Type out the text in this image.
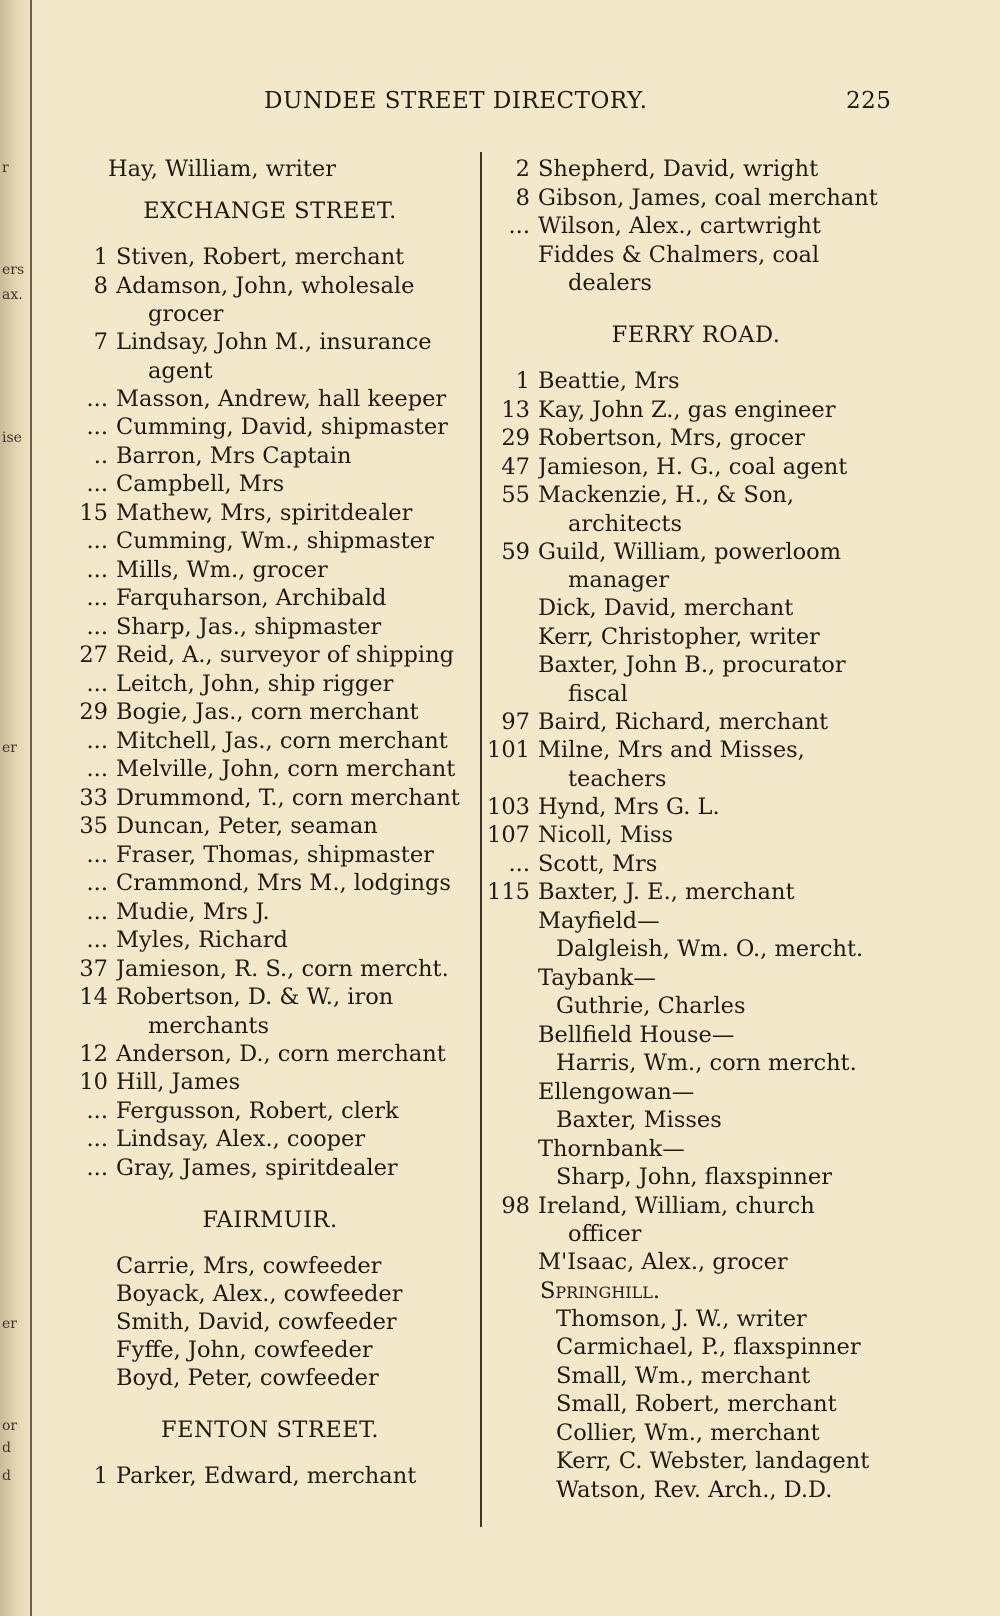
r
ers
ax.
ise
er
er
or
d
d
DUNDEE STREET DIRECTORY.	225
Hay, William, writer
EXCHANGE STREET.
1 Stiven, Robert, merchant
8 Adamson, John, wholesale
grocer
7 Lindsay, John M., insurance
agent
... Masson, Andrew, hall keeper
... Cumming, David, shipmaster
.. Barron, Mrs Captain
... Campbell, Mrs
15 Mathew, Mrs, spiritdealer
... Cumming, Wm., shipmaster
... Mills, Wm., grocer
... Farquharson, Archibald
... Sharp, Jas., shipmaster
27 Reid, A., surveyor of shipping
... Leitch, John, ship rigger
29 Bogie, Jas., corn merchant
... Mitchell, Jas., corn merchant
... Melville, John, corn merchant
33 Drummond, T., corn merchant
35 Duncan, Peter, seaman
... Fraser, Thomas, shipmaster
... Crammond, Mrs M., lodgings
... Mudie, Mrs J.
... Myles, Richard
37 Jamieson, R. S., corn mercht.
14 Robertson, D. & W., iron
merchants
12 Anderson, D., corn merchant
10 Hill, James
... Fergusson, Robert, clerk
... Lindsay, Alex., cooper
... Gray, James, spiritdealer
FAIRMUIR.
Carrie, Mrs, cowfeeder
Boyack, Alex., cowfeeder
Smith, David, cowfeeder
Fyffe, John, cowfeeder
Boyd, Peter, cowfeeder
FENTON STREET.
1 Parker, Edward, merchant
2 Shepherd, David, wright
8 Gibson, James, coal merchant
... Wilson, Alex., cartwright
Fiddes & Chalmers, coal
dealers
FERRY ROAD.
1 Beattie, Mrs
13 Kay, John Z., gas engineer
29 Robertson, Mrs, grocer
47 Jamieson, H. G., coal agent
55 Mackenzie, H., & Son,
architects
59 Guild, William, powerloom
manager
Dick, David, merchant
Kerr, Christopher, writer
Baxter, John B., procurator
fiscal
97 Baird, Richard, merchant
101 Milne, Mrs and Misses,
teachers
103 Hynd, Mrs G. L.
107 Nicoll, Miss
... Scott, Mrs
115 Baxter, J. E., merchant
Mayfield—
Dalgleish, Wm. O., mercht.
Taybank—
Guthrie, Charles
Bellfield House—
Harris, Wm., corn mercht.
Ellengowan—
Baxter, Misses
Thornbank—
Sharp, John, flaxspinner
98 Ireland, William, church
officer
M'Isaac, Alex., grocer
Springhill.
Thomson, J. W., writer
Carmichael, P., flaxspinner
Small, Wm., merchant
Small, Robert, merchant
Collier, Wm., merchant
Kerr, C. Webster, landagent
Watson, Rev. Arch., D.D.
